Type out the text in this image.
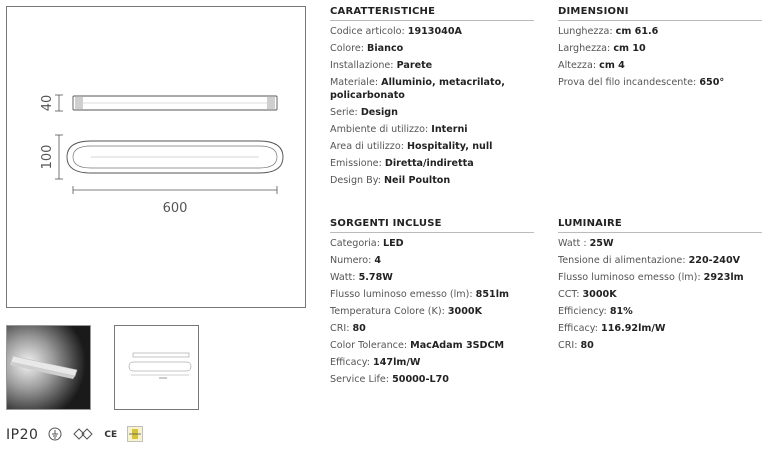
40
100
600
IP20	CE
CARATTERISTICHE
Codice articolo: 1913040A
Colore: Bianco
Installazione: Parete
Materiale: Alluminio, metacrilato, policarbonato
Serie: Design
Ambiente di utilizzo: Interni
Area di utilizzo: Hospitality, null
Emissione: Diretta/indiretta
Design By: Neil Poulton
DIMENSIONI
Lunghezza: cm 61.6
Larghezza: cm 10
Altezza: cm 4
Prova del filo incandescente: 650°
SORGENTI INCLUSE
Categoria: LED
Numero: 4
Watt: 5.78W
Flusso luminoso emesso (lm): 851lm
Temperatura Colore (K): 3000K
CRI: 80
Color Tolerance: MacAdam 3SDCM
Efficacy: 147lm/W
Service Life: 50000-L70
LUMINAIRE
Watt : 25W
Tensione di alimentazione: 220-240V
Flusso luminoso emesso (lm): 2923lm
CCT: 3000K
Efficiency: 81%
Efficacy: 116.92lm/W
CRI: 80
